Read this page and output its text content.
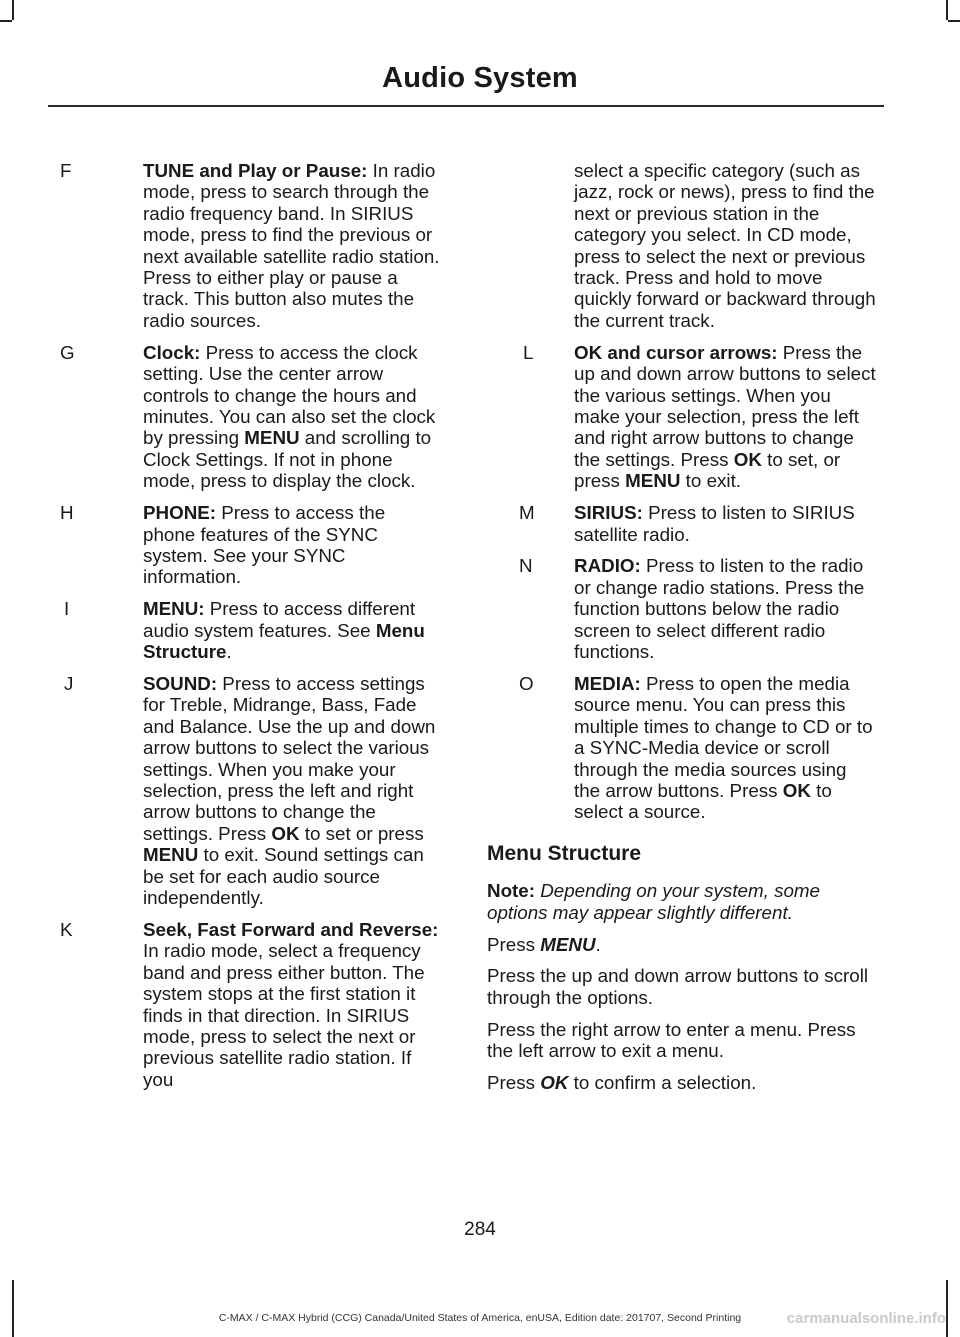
Audio System
F	TUNE and Play or Pause: In radio mode, press to search through the radio frequency band. In SIRIUS mode, press to find the previous or next available satellite radio station. Press to either play or pause a track. This button also mutes the radio sources.
G	Clock: Press to access the clock setting. Use the center arrow controls to change the hours and minutes. You can also set the clock by pressing MENU and scrolling to Clock Settings. If not in phone mode, press to display the clock.
H	PHONE: Press to access the phone features of the SYNC system. See your SYNC information.
I	MENU: Press to access different audio system features. See Menu Structure.
J	SOUND: Press to access settings for Treble, Midrange, Bass, Fade and Balance. Use the up and down arrow buttons to select the various settings. When you make your selection, press the left and right arrow buttons to change the settings. Press OK to set or press MENU to exit. Sound settings can be set for each audio source independently.
K	Seek, Fast Forward and Reverse: In radio mode, select a frequency band and press either button. The system stops at the first station it finds in that direction. In SIRIUS mode, press to select the next or previous satellite radio station. If you
select a specific category (such as jazz, rock or news), press to find the next or previous station in the category you select. In CD mode, press to select the next or previous track. Press and hold to move quickly forward or backward through the current track.
L	OK and cursor arrows: Press the up and down arrow buttons to select the various settings. When you make your selection, press the left and right arrow buttons to change the settings. Press OK to set, or press MENU to exit.
M	SIRIUS: Press to listen to SIRIUS satellite radio.
N	RADIO: Press to listen to the radio or change radio stations. Press the function buttons below the radio screen to select different radio functions.
O	MEDIA: Press to open the media source menu. You can press this multiple times to change to CD or to a SYNC-Media device or scroll through the media sources using the arrow buttons. Press OK to select a source.
Menu Structure
Note: Depending on your system, some options may appear slightly different.
Press MENU.
Press the up and down arrow buttons to scroll through the options.
Press the right arrow to enter a menu. Press the left arrow to exit a menu.
Press OK to confirm a selection.
284
C-MAX / C-MAX Hybrid (CCG) Canada/United States of America, enUSA, Edition date: 201707, Second Printing	carmanualsonline.info
